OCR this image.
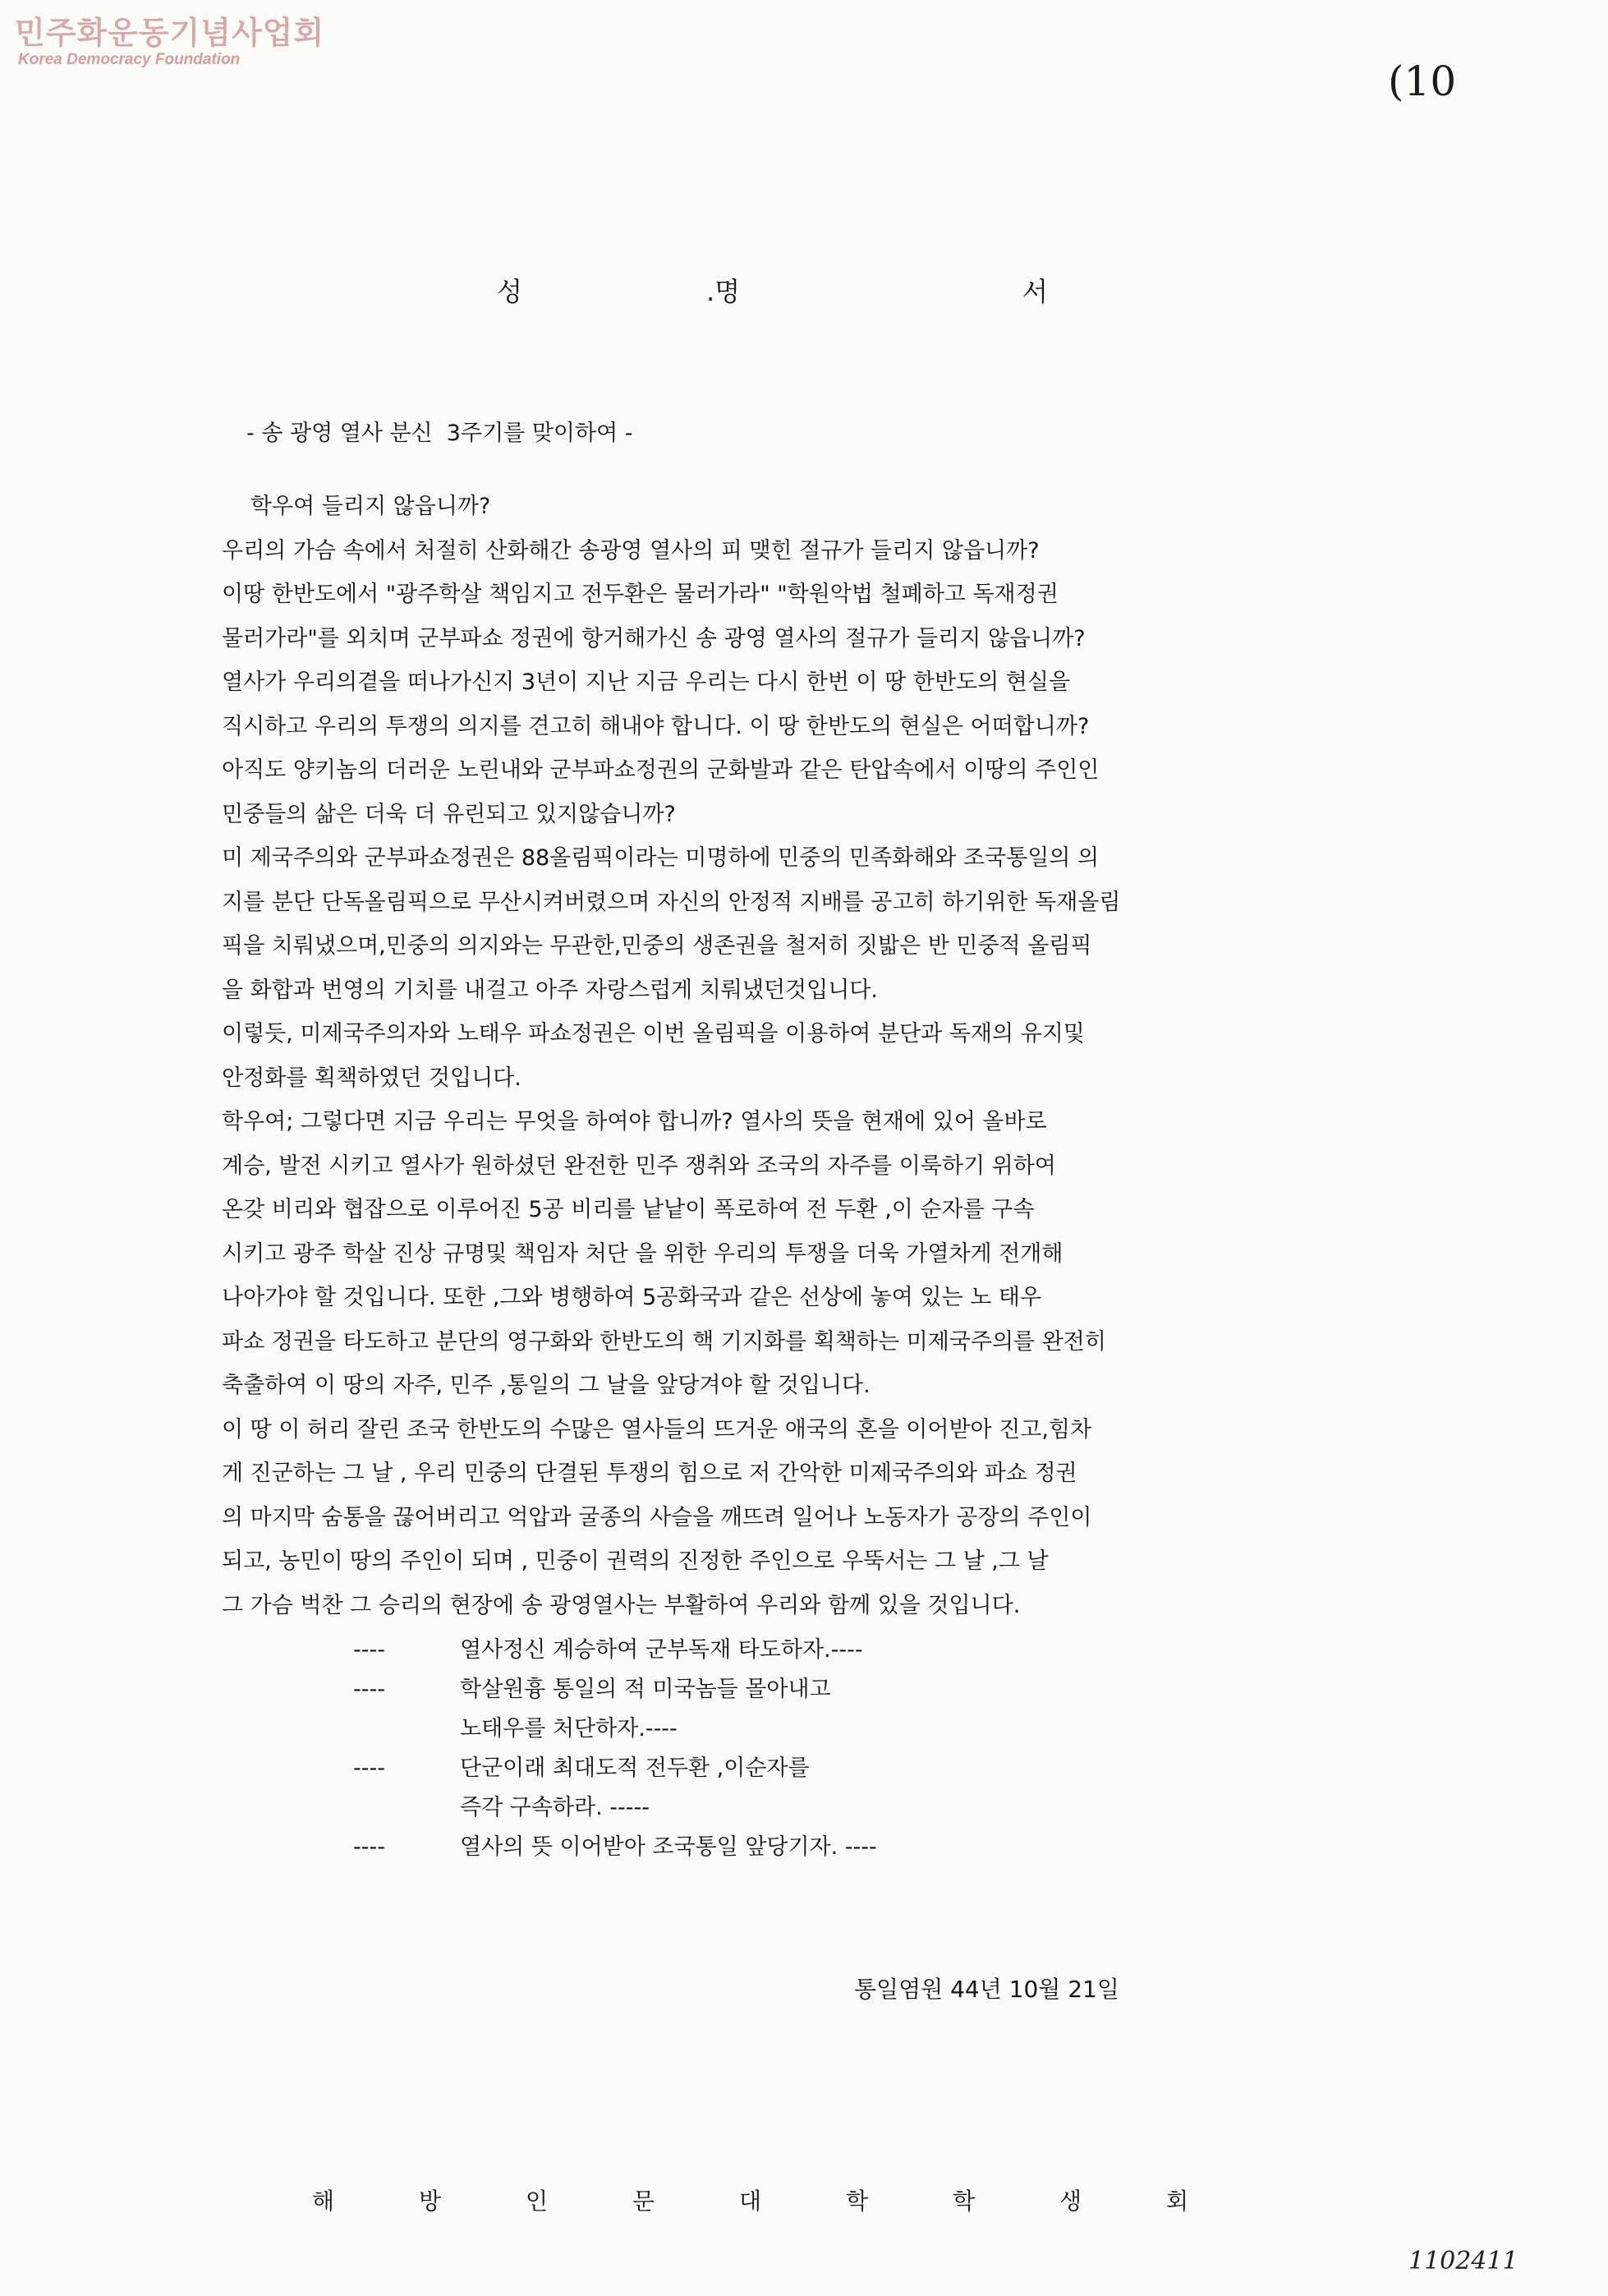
민주화운동기념사업회
Korea Democracy Foundation	(10
성	.명	서
- 송 광영 열사 분신  3주기를 맞이하여 -
학우여 들리지 않읍니까?
우리의 가슴 속에서 처절히 산화해간 송광영 열사의 피 맺힌 절규가 들리지 않읍니까?
이땅 한반도에서 "광주학살 책임지고 전두환은 물러가라" "학원악법 철폐하고 독재정권
물러가라"를 외치며 군부파쇼 정권에 항거해가신 송 광영 열사의 절규가 들리지 않읍니까?
열사가 우리의곁을 떠나가신지 3년이 지난 지금 우리는 다시 한번 이 땅 한반도의 현실을
직시하고 우리의 투쟁의 의지를 견고히 해내야 합니다. 이 땅 한반도의 현실은 어떠합니까?
아직도 양키놈의 더러운 노린내와 군부파쇼정권의 군화발과 같은 탄압속에서 이땅의 주인인
민중들의 삶은 더욱 더 유린되고 있지않습니까?
미 제국주의와 군부파쇼정권은 88올림픽이라는 미명하에 민중의 민족화해와 조국통일의 의
지를 분단 단독올림픽으로 무산시켜버렸으며 자신의 안정적 지배를 공고히 하기위한 독재올림
픽을 치뤄냈으며,민중의 의지와는 무관한,민중의 생존권을 철저히 짓밟은 반 민중적 올림픽
을 화합과 번영의 기치를 내걸고 아주 자랑스럽게 치뤄냈던것입니다.
이렇듯, 미제국주의자와 노태우 파쇼정권은 이번 올림픽을 이용하여 분단과 독재의 유지및
안정화를 획책하였던 것입니다.
학우여; 그렇다면 지금 우리는 무엇을 하여야 합니까? 열사의 뜻을 현재에 있어 올바로
계승, 발전 시키고 열사가 원하셨던 완전한 민주 쟁취와 조국의 자주를 이룩하기 위하여
온갖 비리와 협잡으로 이루어진 5공 비리를 낱낱이 폭로하여 전 두환 ,이 순자를 구속
시키고 광주 학살 진상 규명및 책임자 처단 을 위한 우리의 투쟁을 더욱 가열차게 전개해
나아가야 할 것입니다. 또한 ,그와 병행하여 5공화국과 같은 선상에 놓여 있는 노 태우
파쇼 정권을 타도하고 분단의 영구화와 한반도의 핵 기지화를 획책하는 미제국주의를 완전히
축출하여 이 땅의 자주, 민주 ,통일의 그 날을 앞당겨야 할 것입니다.
이 땅 이 허리 잘린 조국 한반도의 수많은 열사들의 뜨거운 애국의 혼을 이어받아 진고,힘차
게 진군하는 그 날 , 우리 민중의 단결된 투쟁의 힘으로 저 간악한 미제국주의와 파쇼 정권
의 마지막 숨통을 끊어버리고 억압과 굴종의 사슬을 깨뜨려 일어나 노동자가 공장의 주인이
되고, 농민이 땅의 주인이 되며 , 민중이 권력의 진정한 주인으로 우뚝서는 그 날 ,그 날
그 가슴 벅찬 그 승리의 현장에 송 광영열사는 부활하여 우리와 함께 있을 것입니다.
----	열사정신 계승하여 군부독재 타도하자.----
----	학살원흉 통일의 적 미국놈들 몰아내고
노태우를 처단하자.----
----	단군이래 최대도적 전두환 ,이순자를
즉각 구속하라. -----
----	열사의 뜻 이어받아 조국통일 앞당기자. ----
통일염원 44년 10월 21일
해	방	인	문	대	학	학	생	회
1102411
